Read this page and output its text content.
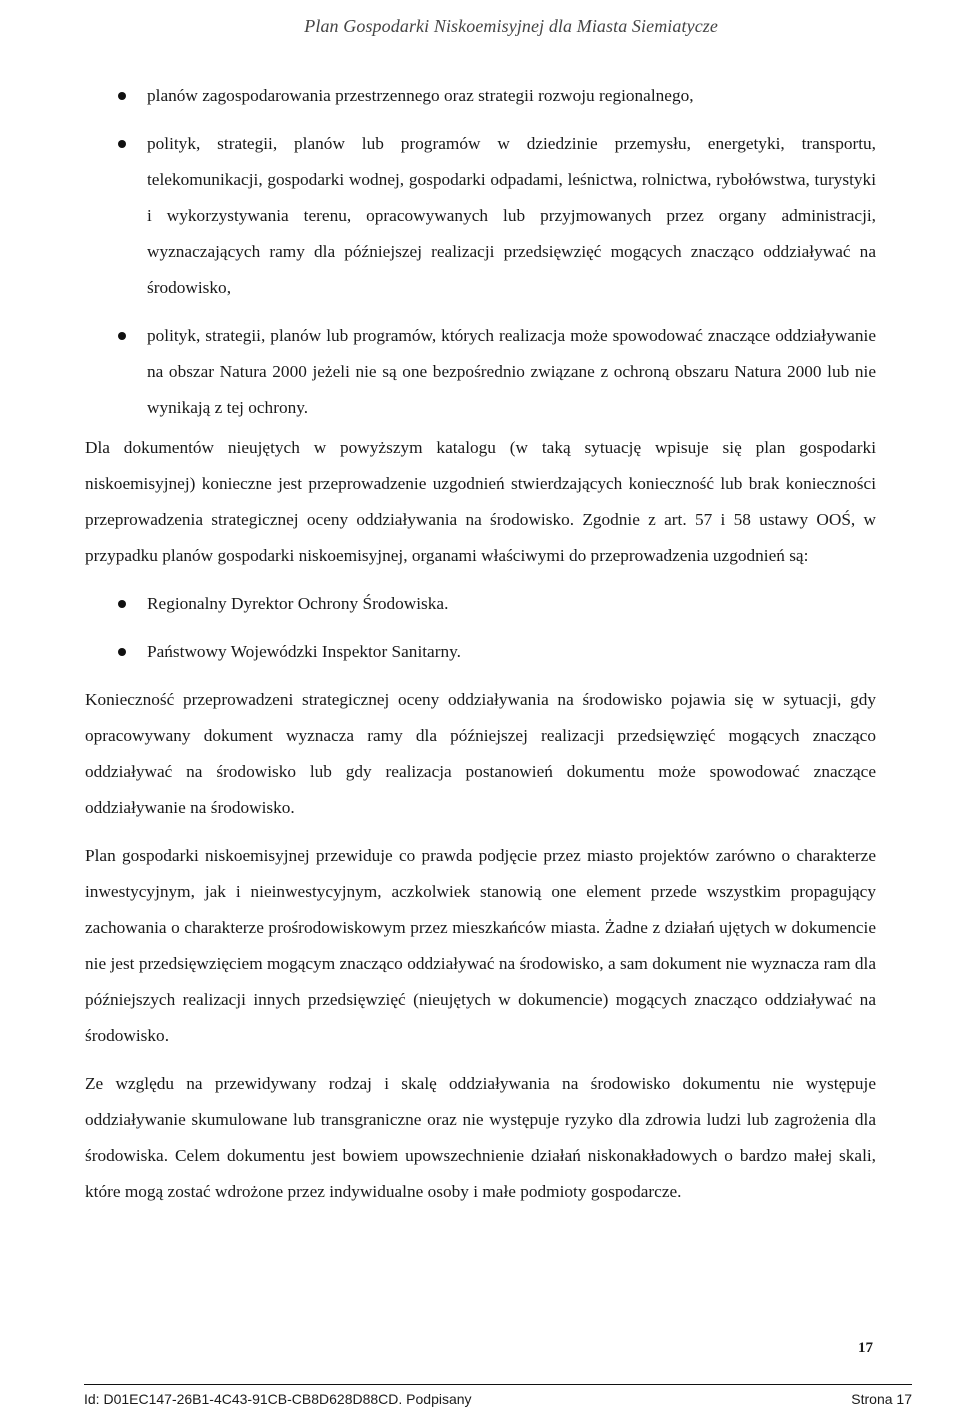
Plan Gospodarki Niskoemisyjnej dla Miasta Siemiatycze
planów zagospodarowania przestrzennego oraz strategii rozwoju regionalnego,
polityk, strategii, planów lub programów w dziedzinie przemysłu, energetyki, transportu, telekomunikacji, gospodarki wodnej, gospodarki odpadami, leśnictwa, rolnictwa, rybołówstwa, turystyki i wykorzystywania terenu, opracowywanych lub przyjmowanych przez organy administracji, wyznaczających ramy dla późniejszej realizacji przedsięwzięć mogących znacząco oddziaływać na środowisko,
polityk, strategii, planów lub programów, których realizacja może spowodować znaczące oddziaływanie na obszar Natura 2000 jeżeli nie są one bezpośrednio związane z ochroną obszaru Natura 2000 lub nie wynikają z tej ochrony.

Dla dokumentów nieujętych w powyższym katalogu (w taką sytuację wpisuje się plan gospodarki niskoemisyjnej) konieczne jest przeprowadzenie uzgodnień stwierdzających konieczność lub brak konieczności przeprowadzenia strategicznej oceny oddziaływania na środowisko. Zgodnie z art. 57 i 58 ustawy OOŚ, w przypadku planów gospodarki niskoemisyjnej, organami właściwymi do przeprowadzenia uzgodnień są:

Regionalny Dyrektor Ochrony Środowiska.
Państwowy Wojewódzki Inspektor Sanitarny.

Konieczność przeprowadzeni strategicznej oceny oddziaływania na środowisko pojawia się w sytuacji, gdy opracowywany dokument wyznacza ramy dla późniejszej realizacji przedsięwzięć mogących znacząco oddziaływać na środowisko lub gdy realizacja postanowień dokumentu może spowodować znaczące oddziaływanie na środowisko.

Plan gospodarki niskoemisyjnej przewiduje co prawda podjęcie przez miasto projektów zarówno o charakterze inwestycyjnym, jak i nieinwestycyjnym, aczkolwiek stanowią one element przede wszystkim propagujący zachowania o charakterze prośrodowiskowym przez mieszkańców miasta. Żadne z działań ujętych w dokumencie nie jest przedsięwzięciem mogącym znacząco oddziaływać na środowisko, a sam dokument nie wyznacza ram dla późniejszych realizacji innych przedsięwzięć (nieujętych w dokumencie) mogących znacząco oddziaływać na środowisko.

Ze względu na przewidywany rodzaj i skalę oddziaływania na środowisko dokumentu nie występuje oddziaływanie skumulowane lub transgraniczne oraz nie występuje ryzyko dla zdrowia ludzi lub zagrożenia dla środowiska. Celem dokumentu jest bowiem upowszechnienie działań niskonakładowych o bardzo małej skali, które mogą zostać wdrożone przez indywidualne osoby i małe podmioty gospodarcze.

17
Id: D01EC147-26B1-4C43-91CB-CB8D628D88CD. Podpisany	Strona 17
